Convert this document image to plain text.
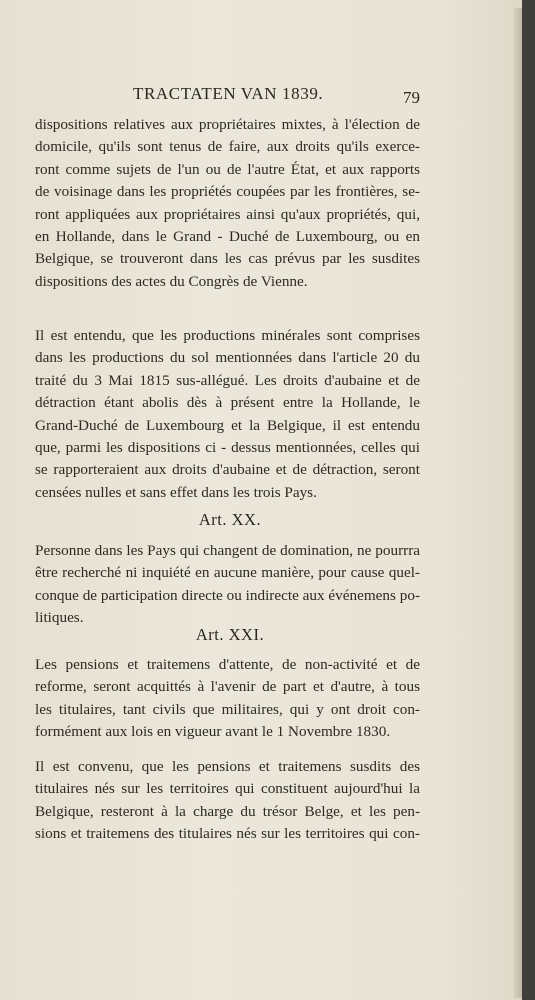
TRACTATEN VAN 1839.	79
dispositions relatives aux propriétaires mixtes, à l'élection de
domicile, qu'ils sont tenus de faire, aux droits qu'ils exerce-
ront comme sujets de l'un ou de l'autre État, et aux rapports
de voisinage dans les propriétés coupées par les frontières, se-
ront appliquées aux propriétaires ainsi qu'aux propriétés, qui,
en Hollande, dans le Grand - Duché de Luxembourg, ou en
Belgique, se trouveront dans les cas prévus par les susdites
dispositions des actes du Congrès de Vienne.
Il est entendu, que les productions minérales sont comprises
dans les productions du sol mentionnées dans l'article 20 du
traité du 3 Mai 1815 sus-allégué. Les droits d'aubaine et de
détraction étant abolis dès à présent entre la Hollande, le
Grand-Duché de Luxembourg et la Belgique, il est entendu
que, parmi les dispositions ci - dessus mentionnées, celles qui
se rapporteraient aux droits d'aubaine et de détraction, seront
censées nulles et sans effet dans les trois Pays.
Art. XX.
Personne dans les Pays qui changent de domination, ne pourrra
être recherché ni inquiété en aucune manière, pour cause quel-
conque de participation directe ou indirecte aux événemens po-
litiques.
Art. XXI.
Les pensions et traitemens d'attente, de non-activité et de
reforme, seront acquittés à l'avenir de part et d'autre, à tous
les titulaires, tant civils que militaires, qui y ont droit con-
formément aux lois en vigueur avant le 1 Novembre 1830.
Il est convenu, que les pensions et traitemens susdits des
titulaires nés sur les territoires qui constituent aujourd'hui la
Belgique, resteront à la charge du trésor Belge, et les pen-
sions et traitemens des titulaires nés sur les territoires qui con-
